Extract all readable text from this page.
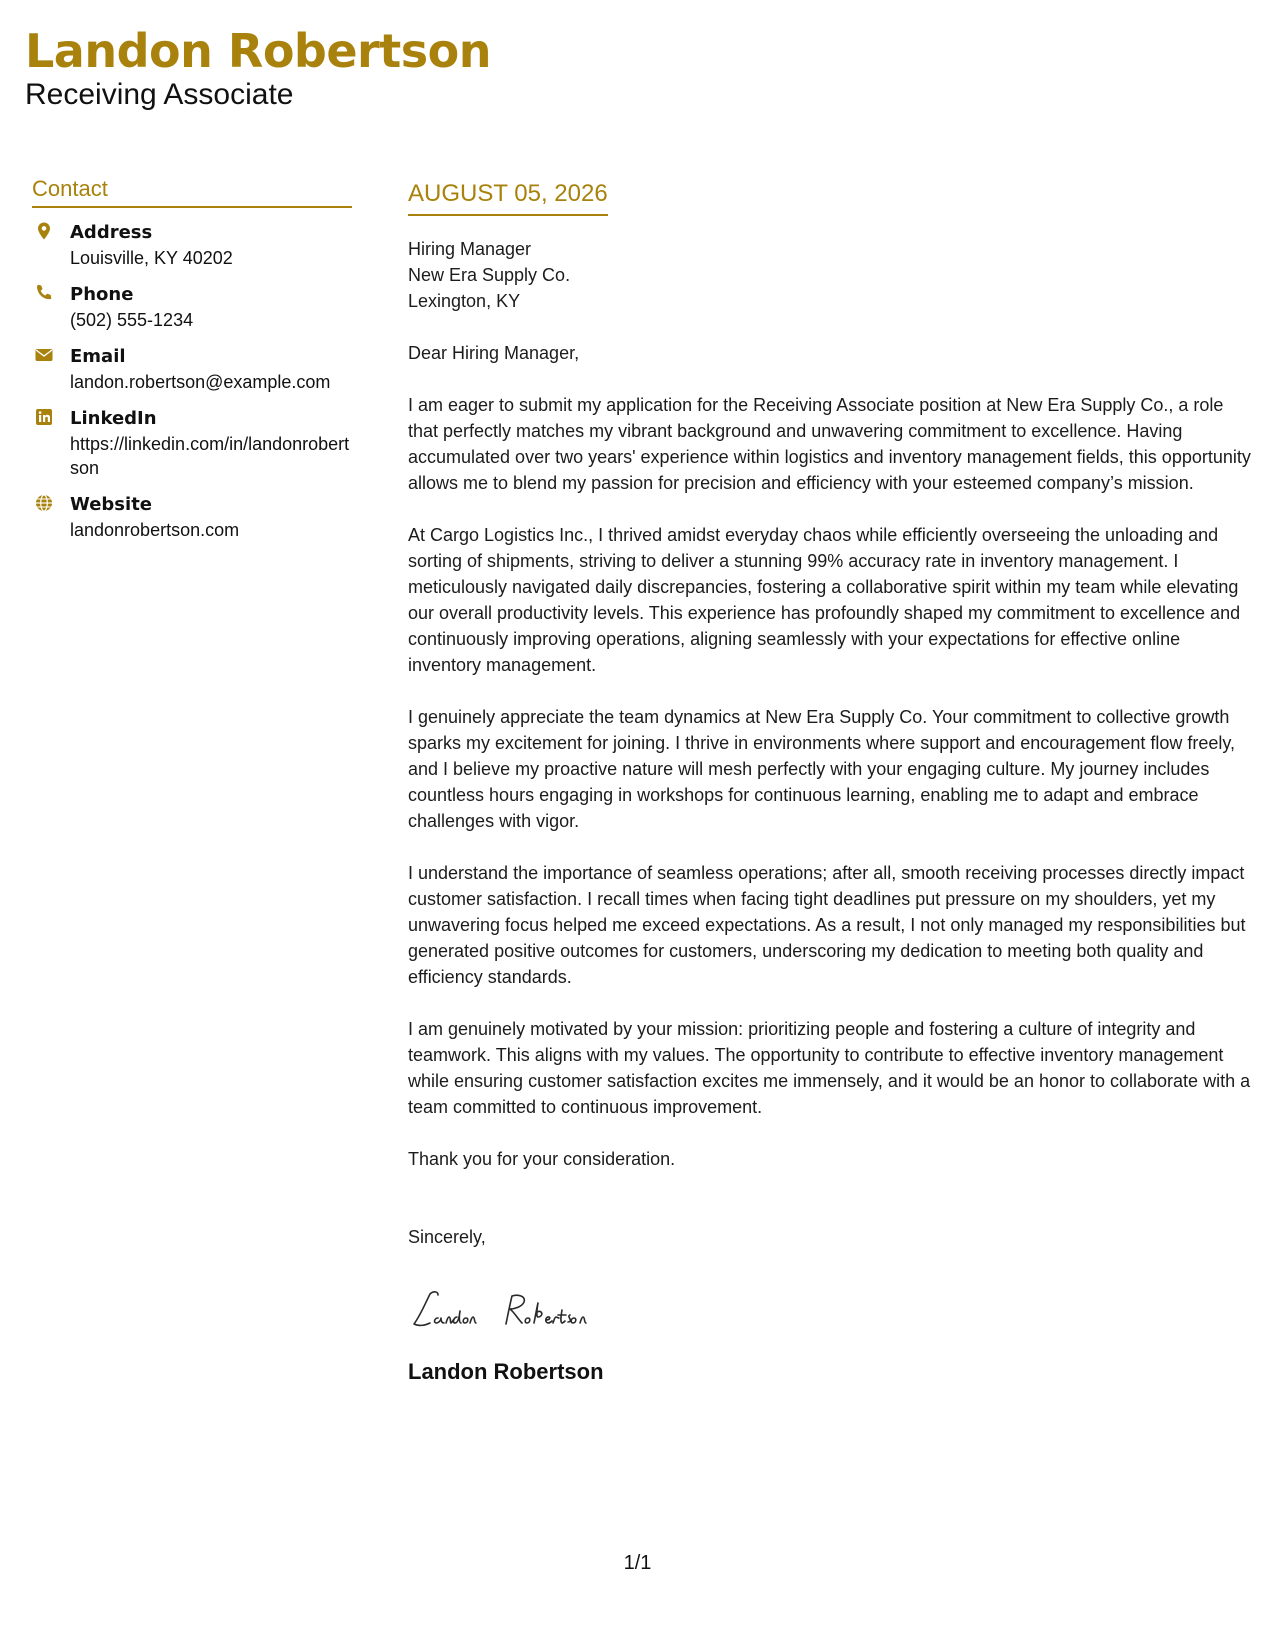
Landon Robertson
Receiving Associate
Contact
Address
Louisville, KY 40202
Phone
(502) 555-1234
Email
landon.robertson@example.com
LinkedIn
https://linkedin.com/in/landonrobertson
Website
landonrobertson.com
AUGUST 05, 2026
Hiring Manager
New Era Supply Co.
Lexington, KY

Dear Hiring Manager,

I am eager to submit my application for the Receiving Associate position at New Era Supply Co., a role that perfectly matches my vibrant background and unwavering commitment to excellence. Having accumulated over two years' experience within logistics and inventory management fields, this opportunity allows me to blend my passion for precision and efficiency with your esteemed company’s mission.

At Cargo Logistics Inc., I thrived amidst everyday chaos while efficiently overseeing the unloading and sorting of shipments, striving to deliver a stunning 99% accuracy rate in inventory management. I meticulously navigated daily discrepancies, fostering a collaborative spirit within my team while elevating our overall productivity levels. This experience has profoundly shaped my commitment to excellence and continuously improving operations, aligning seamlessly with your expectations for effective online inventory management.

I genuinely appreciate the team dynamics at New Era Supply Co. Your commitment to collective growth sparks my excitement for joining. I thrive in environments where support and encouragement flow freely, and I believe my proactive nature will mesh perfectly with your engaging culture. My journey includes countless hours engaging in workshops for continuous learning, enabling me to adapt and embrace challenges with vigor.

I understand the importance of seamless operations; after all, smooth receiving processes directly impact customer satisfaction. I recall times when facing tight deadlines put pressure on my shoulders, yet my unwavering focus helped me exceed expectations. As a result, I not only managed my responsibilities but generated positive outcomes for customers, underscoring my dedication to meeting both quality and efficiency standards.

I am genuinely motivated by your mission: prioritizing people and fostering a culture of integrity and teamwork. This aligns with my values. The opportunity to contribute to effective inventory management while ensuring customer satisfaction excites me immensely, and it would be an honor to collaborate with a team committed to continuous improvement.

Thank you for your consideration.

Sincerely,

Landon Robertson
1/1
